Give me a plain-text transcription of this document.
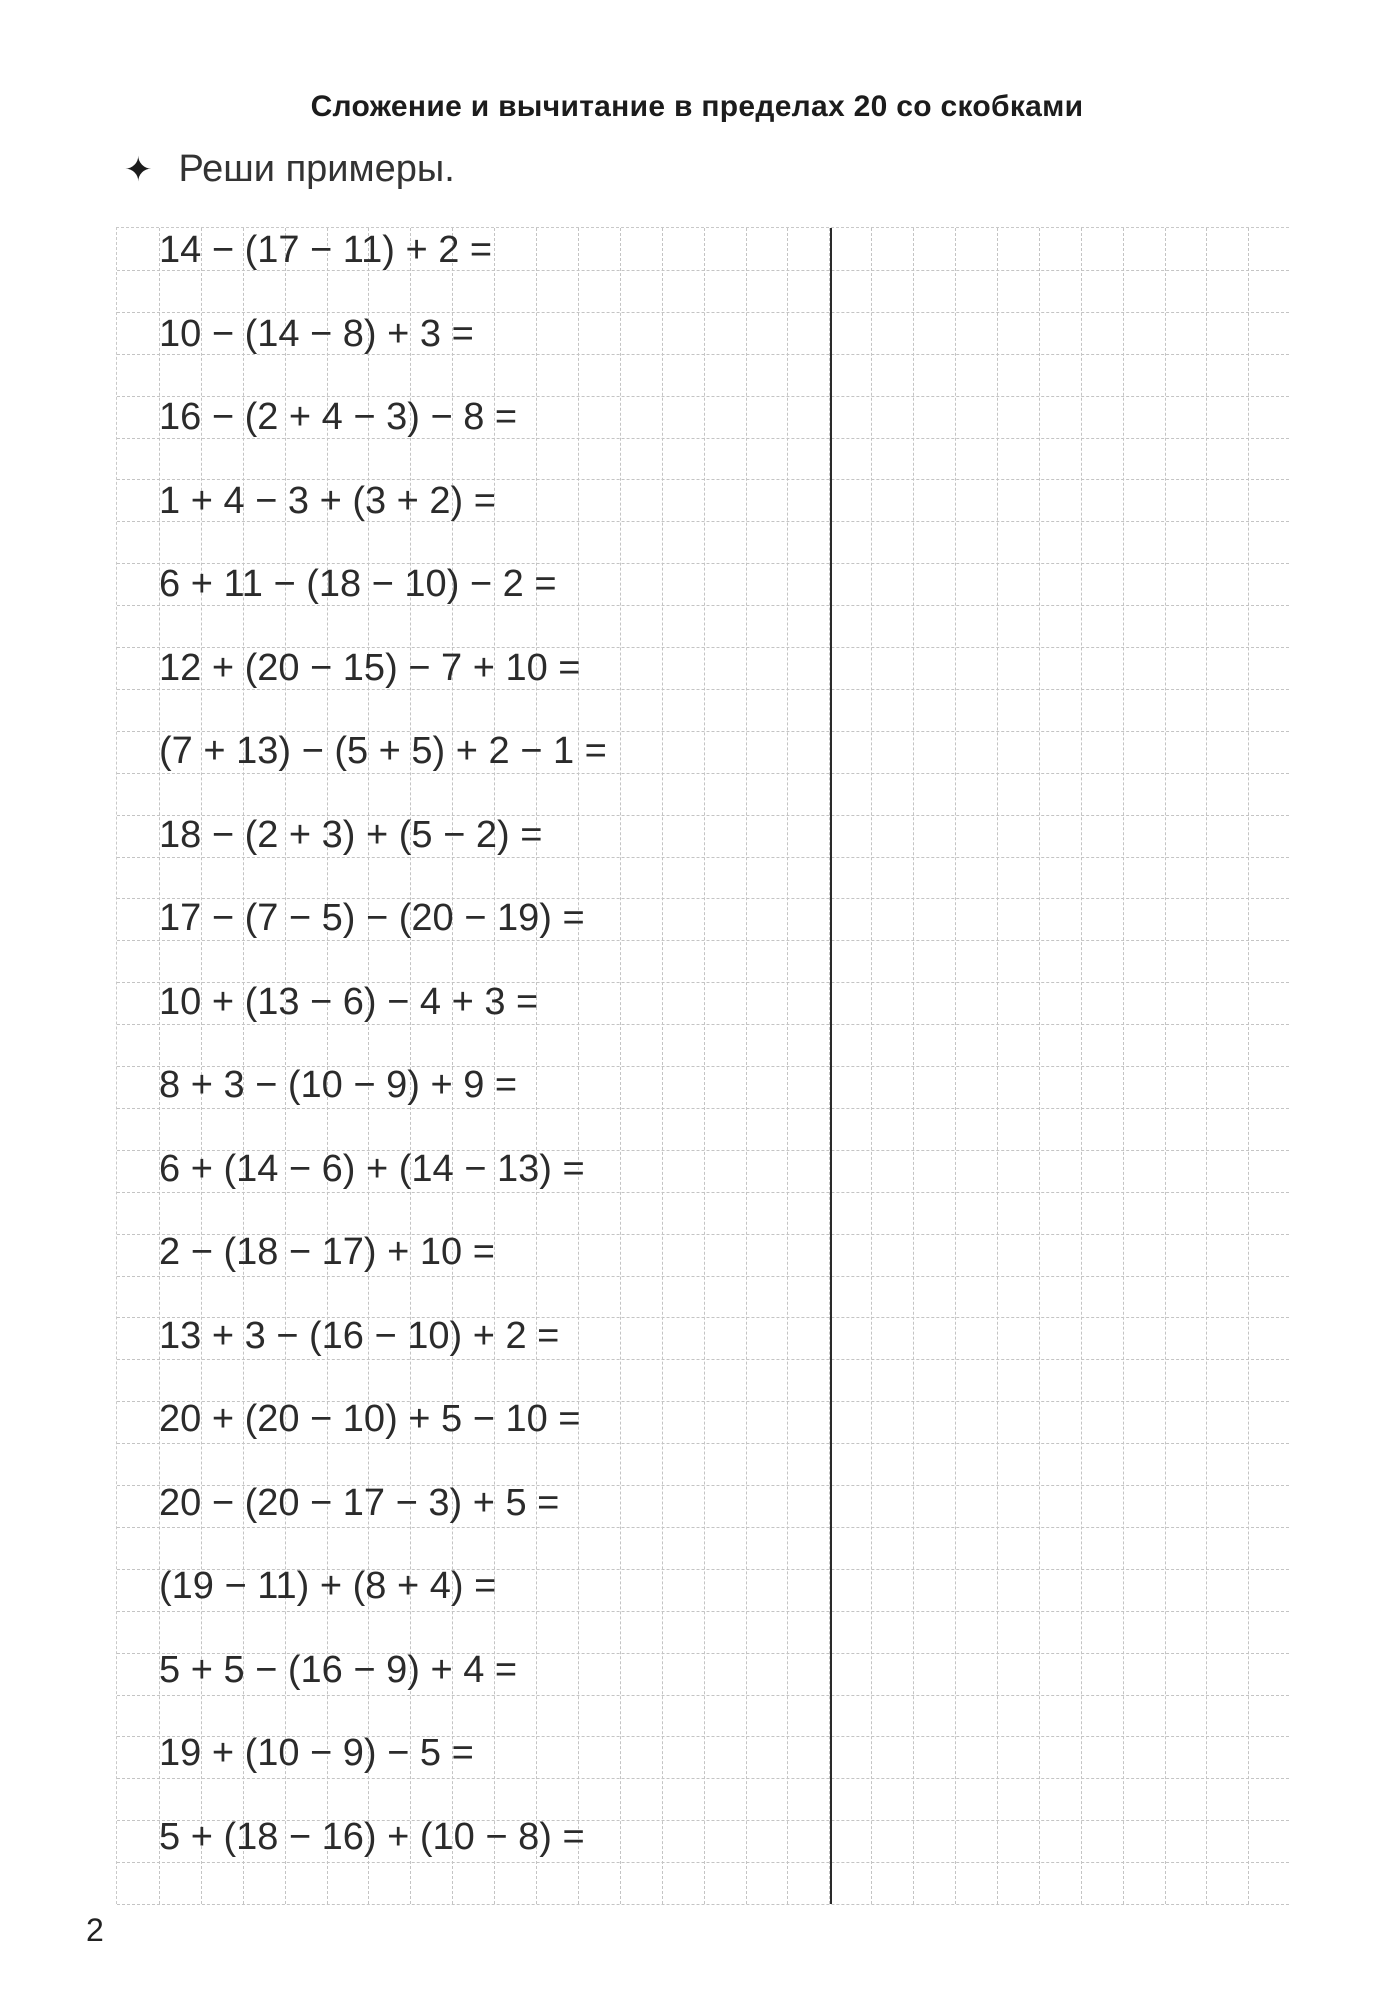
Сложение и вычитание в пределах 20 со скобками
✦ Реши примеры.
14 − (17 − 11) + 2 =
10 − (14 − 8) + 3 =
16 − (2 + 4 − 3) − 8 =
1 + 4 − 3 + (3 + 2) =
6 + 11 − (18 − 10) − 2 =
12 + (20 − 15) − 7 + 10 =
(7 + 13) − (5 + 5) + 2 − 1 =
18 − (2 + 3) + (5 − 2) =
17 − (7 − 5) − (20 − 19) =
10 + (13 − 6) − 4 + 3 =
8 + 3 − (10 − 9) + 9 =
6 + (14 − 6) + (14 − 13) =
2 − (18 − 17) + 10 =
13 + 3 − (16 − 10) + 2 =
20 + (20 − 10) + 5 − 10 =
20 − (20 − 17 − 3) + 5 =
(19 − 11) + (8 + 4) =
5 + 5 − (16 − 9) + 4 =
19 + (10 − 9) − 5 =
5 + (18 − 16) + (10 − 8) =
2
